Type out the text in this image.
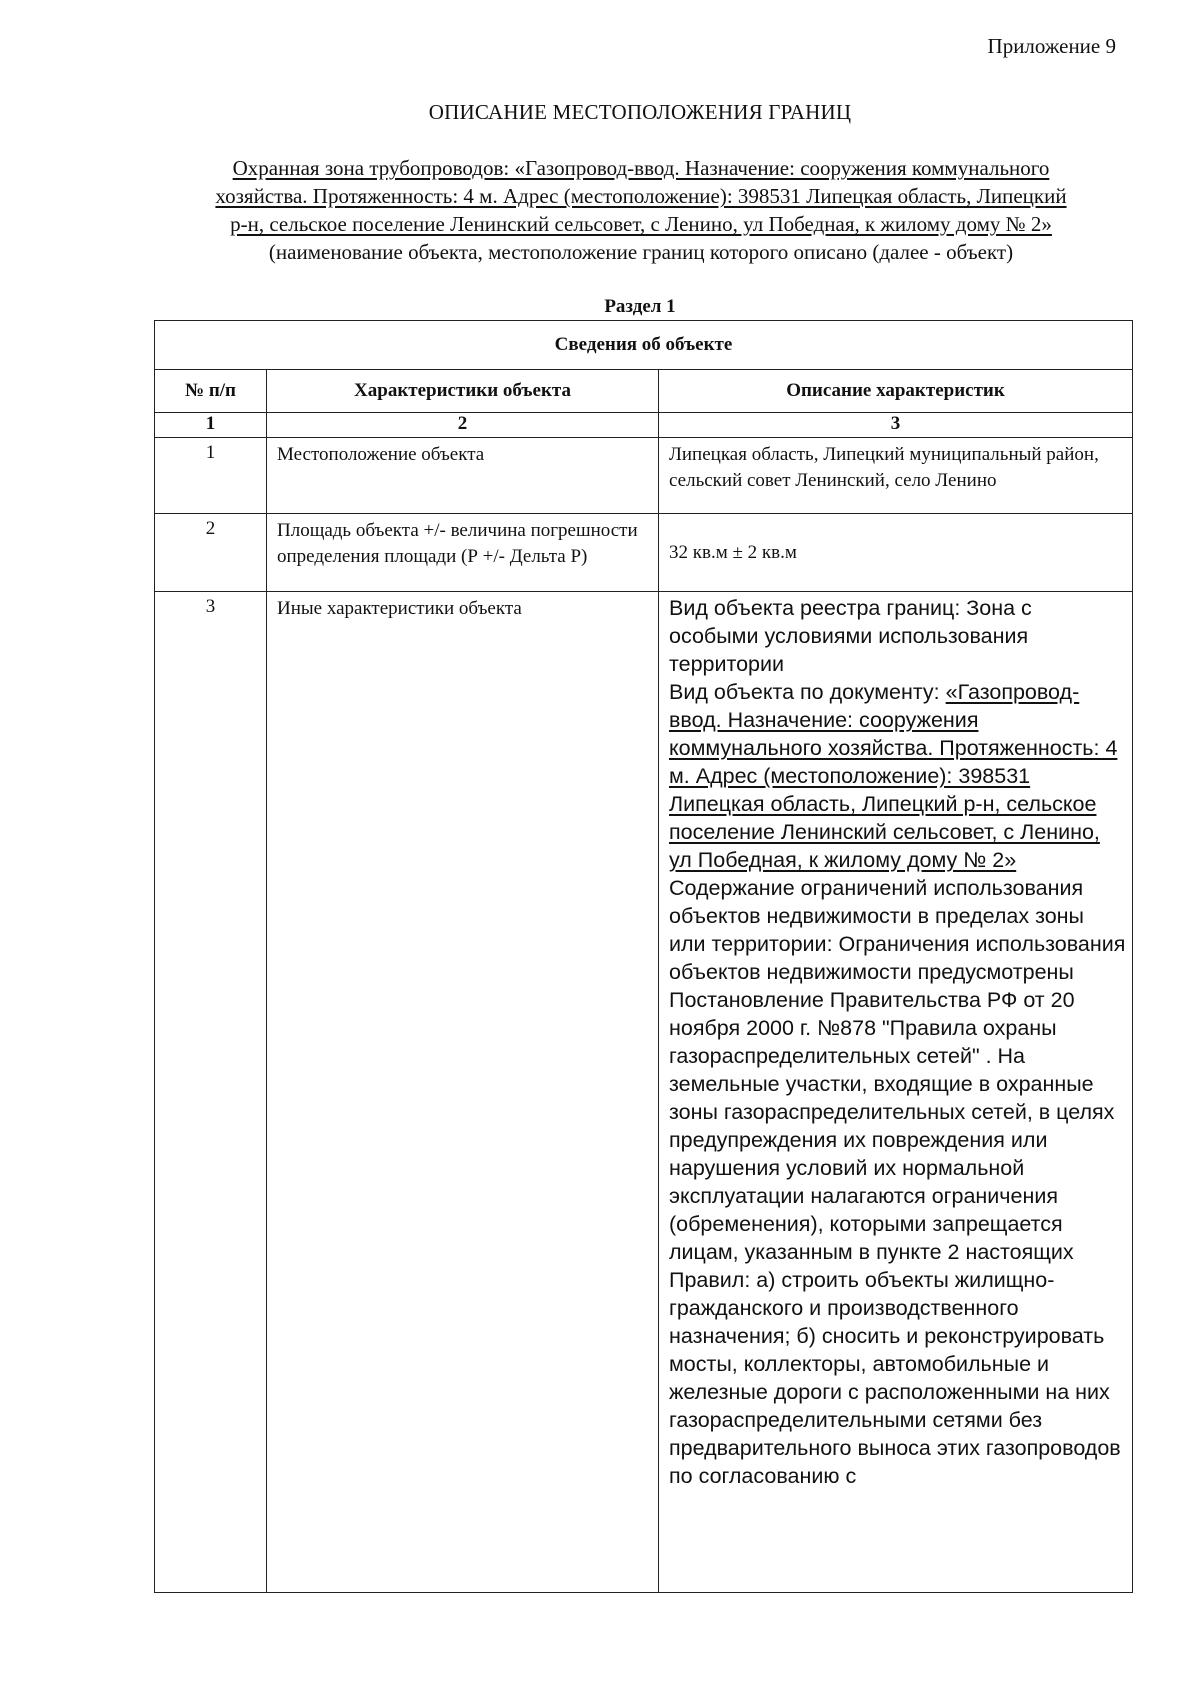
Приложение 9
ОПИСАНИЕ МЕСТОПОЛОЖЕНИЯ ГРАНИЦ
Охранная зона трубопроводов: «Газопровод-ввод. Назначение: сооружения коммунального
хозяйства. Протяженность: 4 м. Адрес (местоположение): 398531 Липецкая область, Липецкий
р-н, сельское поселение Ленинский сельсовет, с Ленино, ул Победная, к жилому дому № 2»
(наименование объекта, местоположение границ которого описано (далее - объект)
Раздел 1
Сведения об объекте		
№ п/п	Характеристики объекта	Описание характеристик
1	2	3
1	Местоположение объекта	Липецкая область, Липецкий муниципальный район, сельский совет Ленинский, село Ленино
2	Площадь объекта +/- величина погрешности определения площади (Р +/- Дельта Р)	32 кв.м ± 2 кв.м
3	Иные характеристики объекта	Вид объекта реестра границ: Зона с особыми условиями использования территории

Вид объекта по документу: «Газопровод-ввод. Назначение: сооружения коммунального хозяйства. Протяженность: 4 м. Адрес (местоположение): 398531 Липецкая область, Липецкий р-н, сельское поселение Ленинский сельсовет, с Ленино, ул Победная, к жилому дому № 2»

Содержание ограничений использования объектов недвижимости в пределах зоны или территории: Ограничения использования объектов недвижимости предусмотрены Постановление Правительства РФ от 20 ноября 2000 г. №878 "Правила охраны газораспределительных сетей" . На земельные участки, входящие в охранные зоны газораспределительных сетей, в целях предупреждения их повреждения или нарушения условий их нормальной эксплуатации налагаются ограничения (обременения), которыми запрещается лицам, указанным в пункте 2 настоящих Правил: а) строить объекты жилищно-гражданского и производственного назначения; б) сносить и реконструировать мосты, коллекторы, автомобильные и железные дороги с расположенными на них газораспределительными сетями без предварительного выноса этих газопроводов по согласованию с
